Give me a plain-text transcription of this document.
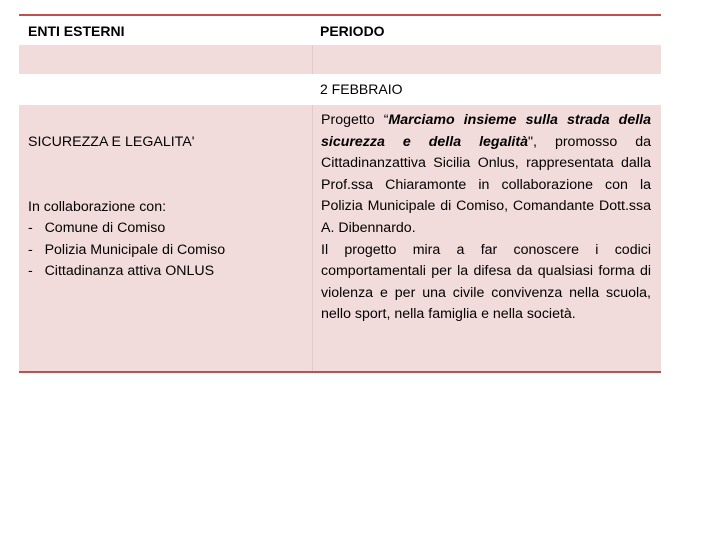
ENTI ESTERNI	PERIODO
2 FEBBRAIO
SICUREZZA E LEGALITA'
In collaborazione con:
-   Comune di Comiso
-   Polizia Municipale di Comiso
-   Cittadinanza attiva ONLUS

Progetto “Marciamo insieme sulla strada della sicurezza e della legalità", promosso da Cittadinanzattiva Sicilia Onlus, rappresentata dalla Prof.ssa Chiaramonte in collaborazione con la Polizia Municipale di Comiso, Comandante Dott.ssa A. Dibennardo.

Il progetto mira a far conoscere i codici comportamentali per la difesa da qualsiasi forma di violenza e per una civile convivenza nella scuola, nello sport, nella famiglia e nella società.
